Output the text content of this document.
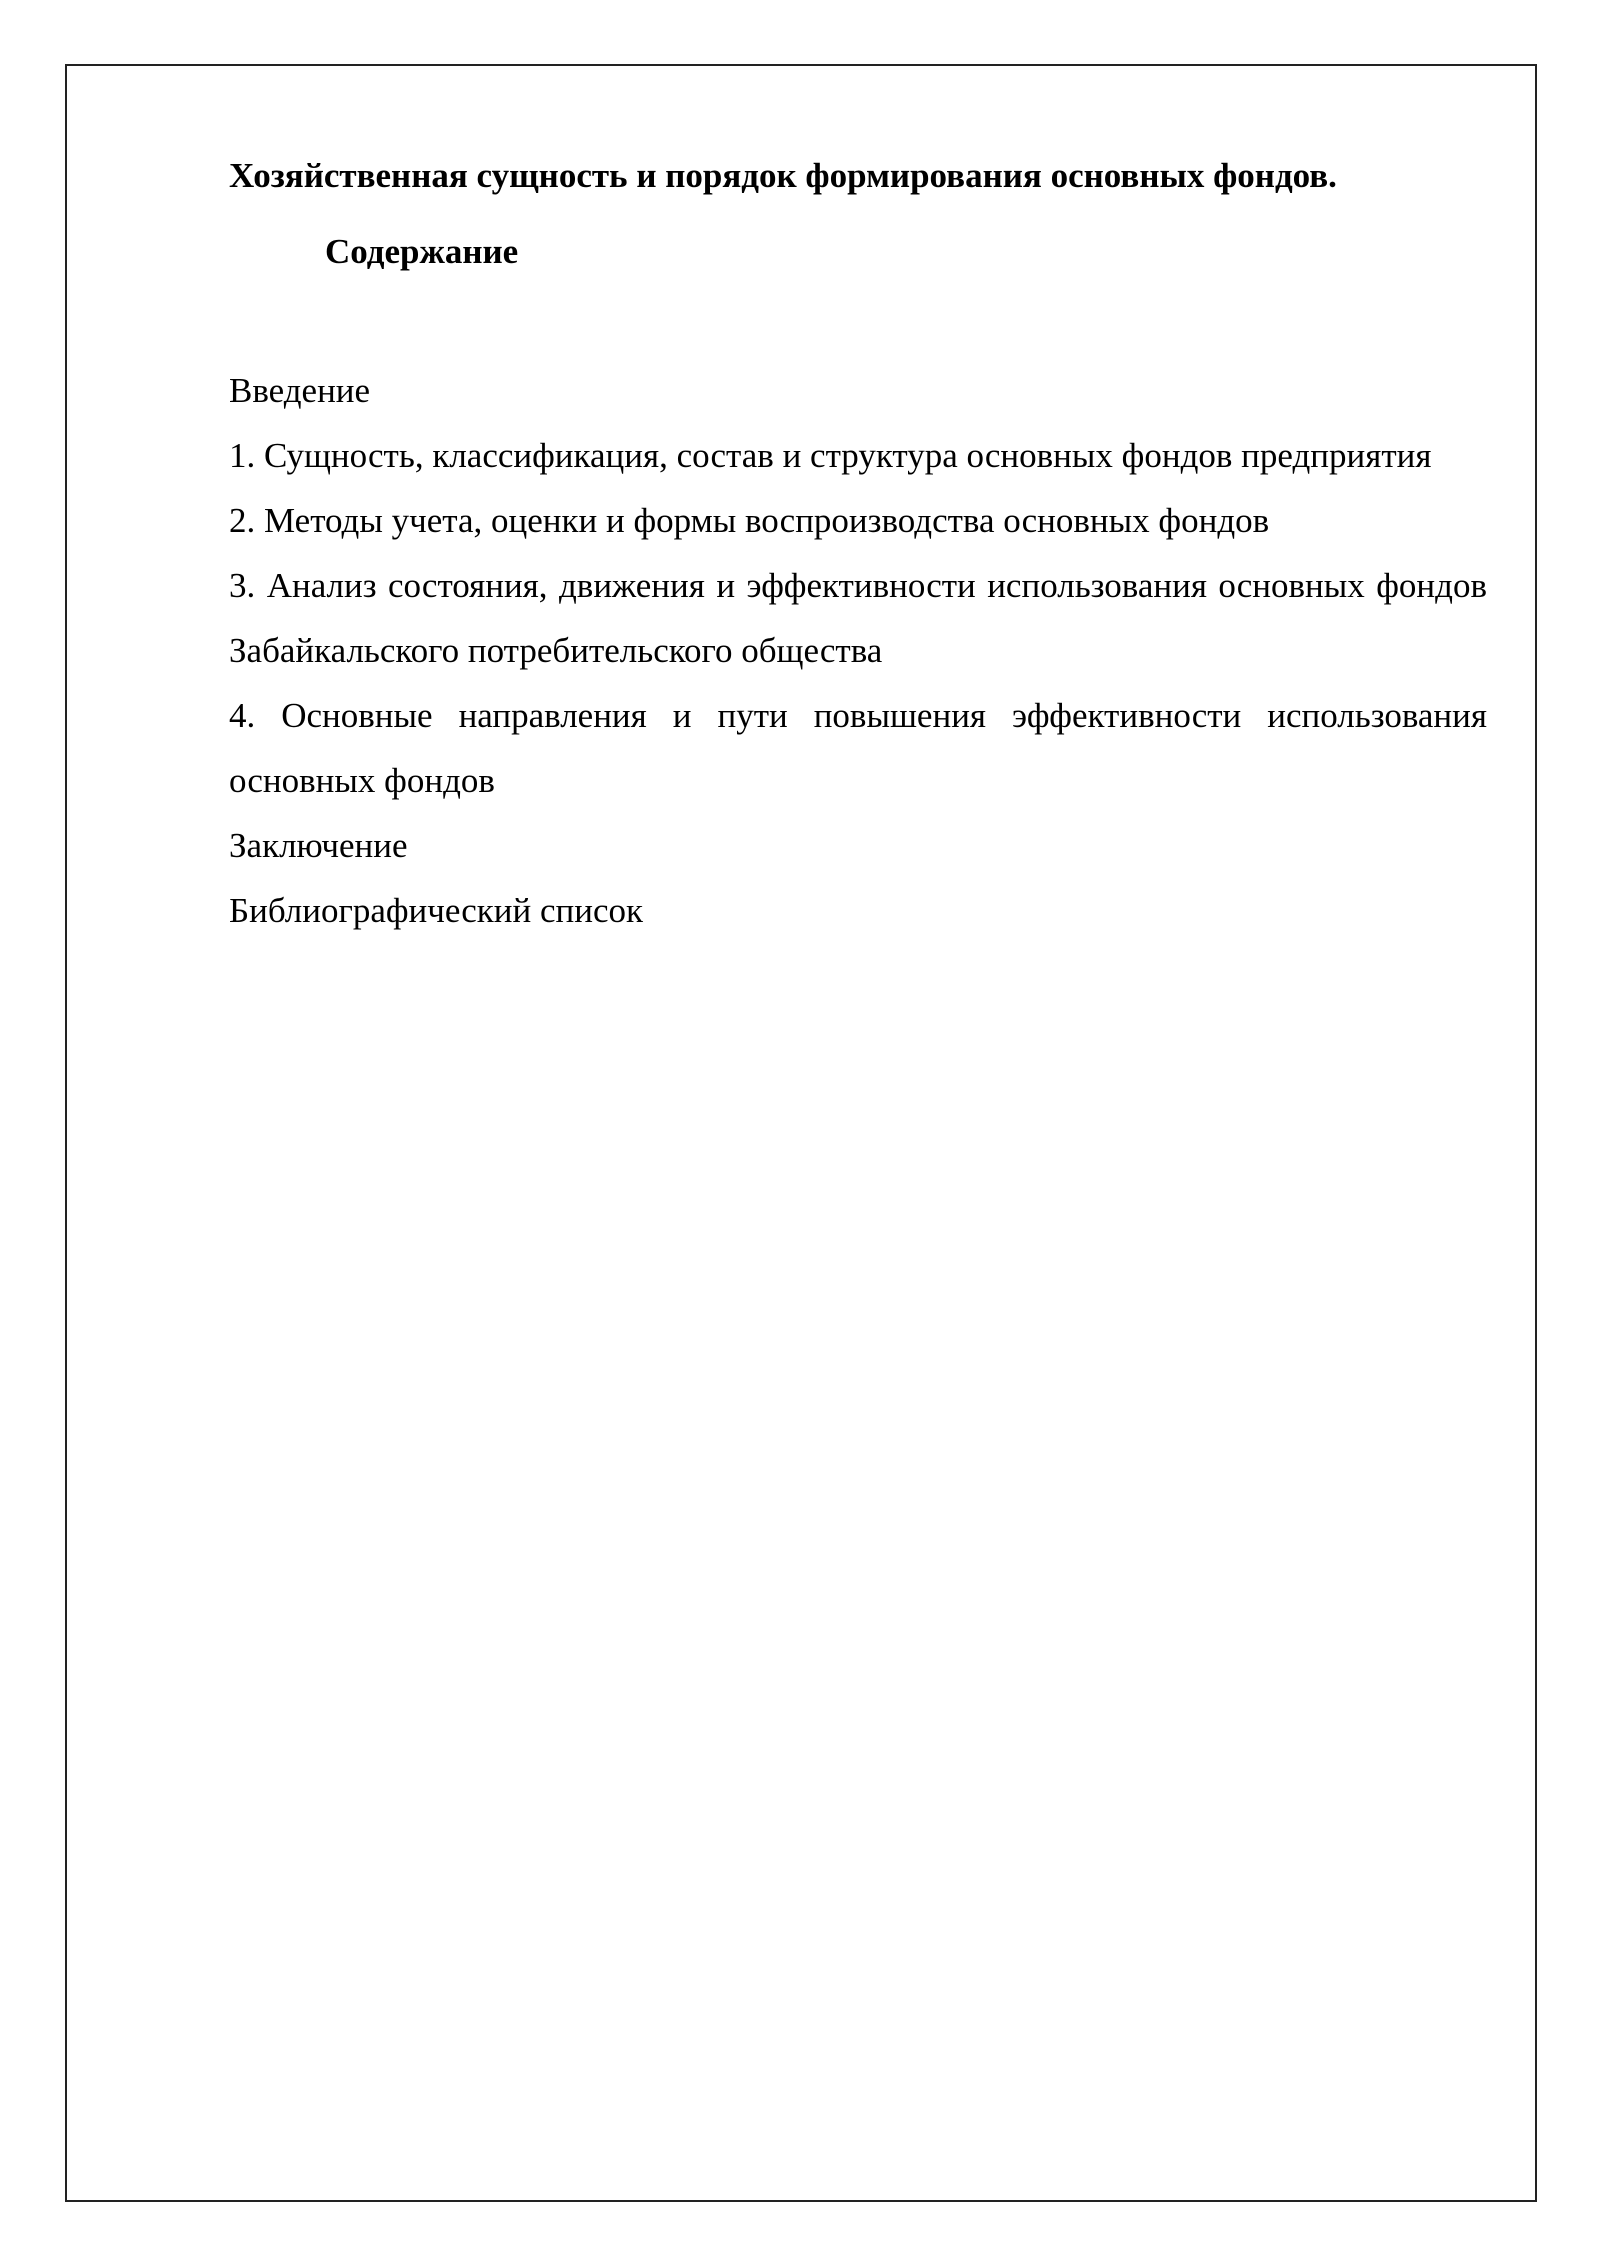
Хозяйственная сущность и порядок формирования основных фондов.
Содержание
Введение
1. Сущность, классификация, состав и структура основных фондов предприятия
2. Методы учета, оценки и формы воспроизводства основных фондов
3. Анализ состояния, движения и эффективности использования основных фондов Забайкальского потребительского общества
4. Основные направления и пути повышения эффективности использования основных фондов
Заключение
Библиографический список
